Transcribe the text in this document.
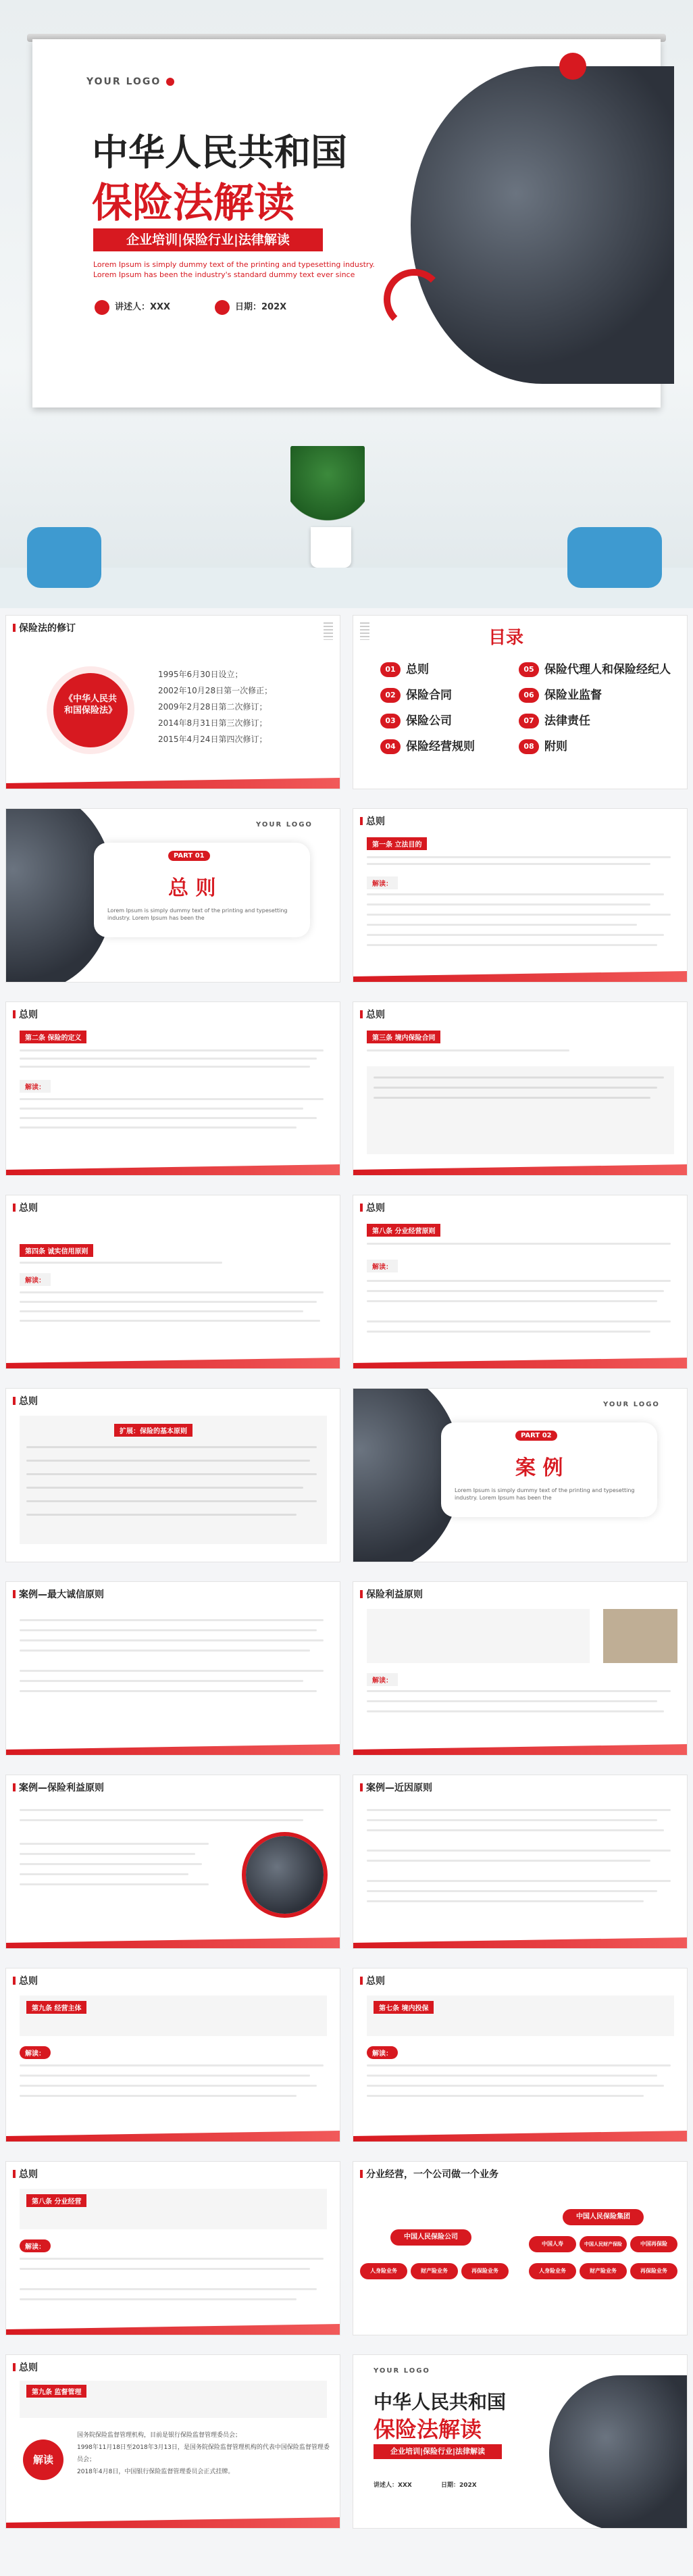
YOUR LOGO
中华人民共和国
保险法解读
企业培训|保险行业|法律解读
Lorem Ipsum is simply dummy text of the printing and typesetting industry. Lorem Ipsum has been the industry's standard dummy text ever since
讲述人：XXX	日期：202X
保险法的修订
《中华人民共和国保险法》
1995年6月30日设立；
2002年10月28日第一次修正；
2009年2月28日第二次修订；
2014年8月31日第三次修订；
2015年4月24日第四次修订；
目录
01 总则	05 保险代理人和保险经纪人
02 保险合同	06 保险业监督
03 保险公司	07 法律责任
04 保险经营规则	08 附则
YOUR LOGO
PART 01
总 则
Lorem Ipsum is simply dummy text of the printing and typesetting industry. Lorem Ipsum has been the
总则
第一条 立法目的
解读：
总则
第二条 保险的定义
解读：
总则
第三条 境内保险合同
总则
第四条 诚实信用原则
解读：
总则
第八条 分业经营原则
解读：
总则
扩展：保险的基本原则
YOUR LOGO
PART 02
案 例
Lorem Ipsum is simply dummy text of the printing and typesetting industry. Lorem Ipsum has been the
案例—最大诚信原则	保险利益原则
解读：
案例—保险利益原则	案例—近因原则
总则
第九条 经营主体
解读：
总则
第七条 境内投保
解读：
总则
第八条 分业经营
解读：
分业经营，一个公司做一个业务
中国人民保险公司
人身险业务	财产险业务	再保险业务
中国人民保险集团
中国人寿	中国人民财产保险	中国再保险
人身险业务	财产险业务	再保险业务
总则
第九条 监督管理
解读
国务院保险监督管理机构，目前是银行保险监督管理委员会；
1998年11月18日至2018年3月13日，是国务院保险监督管理机构的代表中国保险监督管理委员会；
2018年4月8日，中国银行保险监督管理委员会正式挂牌。
YOUR LOGO
中华人民共和国
保险法解读
企业培训|保险行业|法律解读
讲述人：XXX	日期：202X
